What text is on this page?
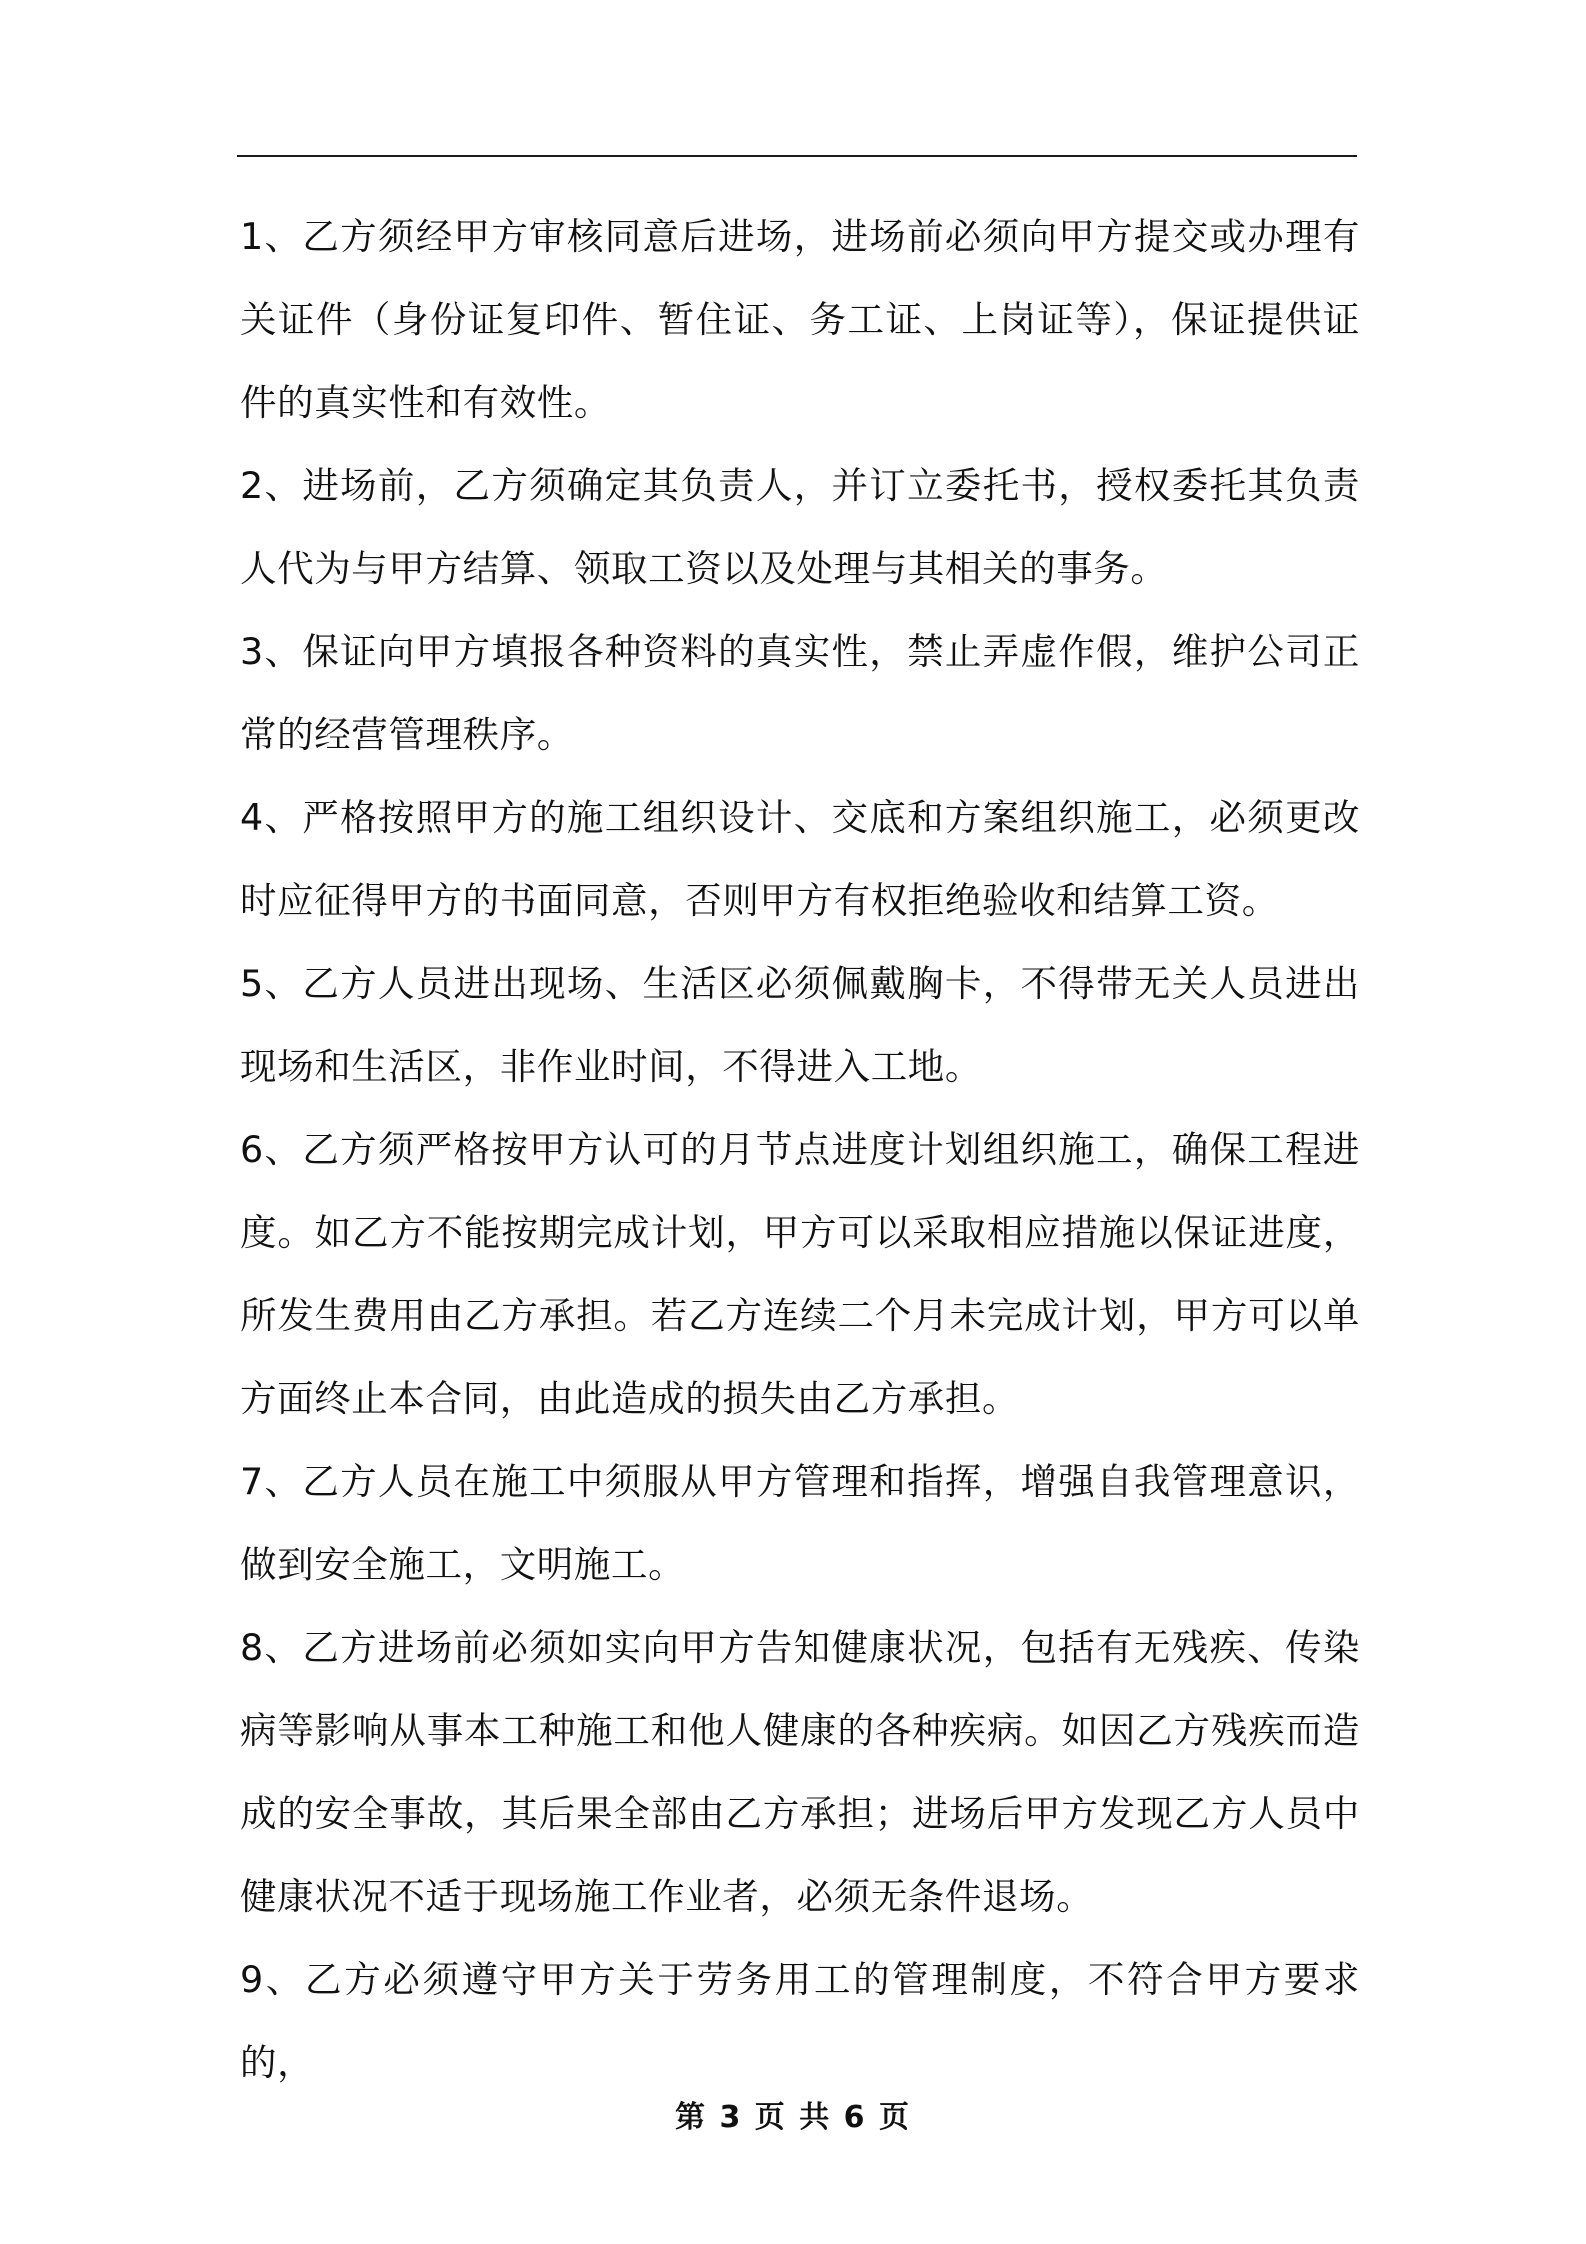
1、乙方须经甲方审核同意后进场，进场前必须向甲方提交或办理有关证件（身份证复印件、暂住证、务工证、上岗证等），保证提供证件的真实性和有效性。

2、进场前，乙方须确定其负责人，并订立委托书，授权委托其负责人代为与甲方结算、领取工资以及处理与其相关的事务。

3、保证向甲方填报各种资料的真实性，禁止弄虚作假，维护公司正常的经营管理秩序。

4、严格按照甲方的施工组织设计、交底和方案组织施工，必须更改时应征得甲方的书面同意，否则甲方有权拒绝验收和结算工资。

5、乙方人员进出现场、生活区必须佩戴胸卡，不得带无关人员进出现场和生活区，非作业时间，不得进入工地。

6、乙方须严格按甲方认可的月节点进度计划组织施工，确保工程进度。如乙方不能按期完成计划，甲方可以采取相应措施以保证进度，所发生费用由乙方承担。若乙方连续二个月未完成计划，甲方可以单方面终止本合同，由此造成的损失由乙方承担。

7、乙方人员在施工中须服从甲方管理和指挥，增强自我管理意识，做到安全施工，文明施工。

8、乙方进场前必须如实向甲方告知健康状况，包括有无残疾、传染病等影响从事本工种施工和他人健康的各种疾病。如因乙方残疾而造成的安全事故，其后果全部由乙方承担；进场后甲方发现乙方人员中健康状况不适于现场施工作业者，必须无条件退场。

9、乙方必须遵守甲方关于劳务用工的管理制度，不符合甲方要求的，

第 3 页 共 6 页
